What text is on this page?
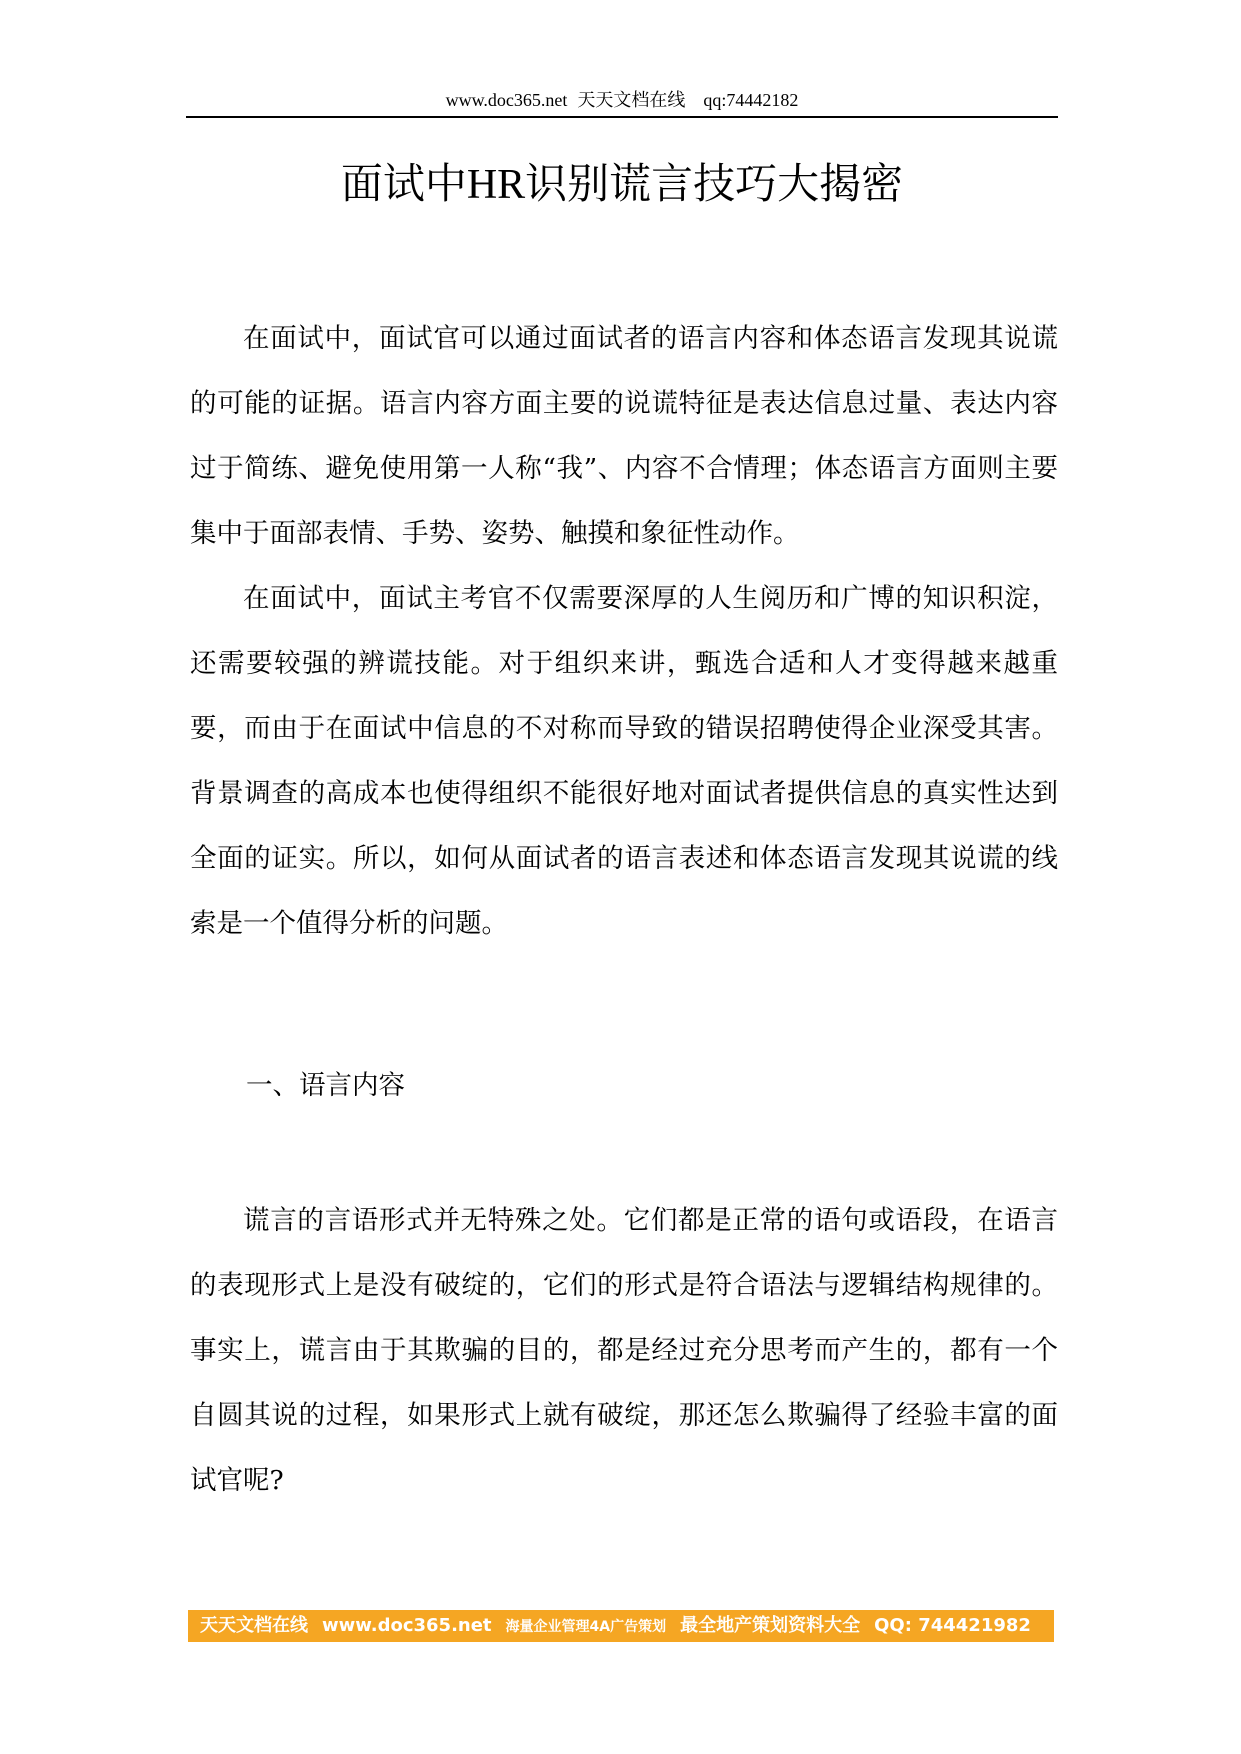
www.doc365.net 天天文档在线 qq:74442182
面试中HR识别谎言技巧大揭密

在面试中，面试官可以通过面试者的语言内容和体态语言发现其说谎的可能的证据。语言内容方面主要的说谎特征是表达信息过量、表达内容过于简练、避免使用第一人称“我”、内容不合情理；体态语言方面则主要集中于面部表情、手势、姿势、触摸和象征性动作。

在面试中，面试主考官不仅需要深厚的人生阅历和广博的知识积淀，还需要较强的辨谎技能。对于组织来讲，甄选合适和人才变得越来越重要，而由于在面试中信息的不对称而导致的错误招聘使得企业深受其害。背景调查的高成本也使得组织不能很好地对面试者提供信息的真实性达到全面的证实。所以，如何从面试者的语言表述和体态语言发现其说谎的线索是一个值得分析的问题。

一、语言内容

谎言的言语形式并无特殊之处。它们都是正常的语句或语段，在语言的表现形式上是没有破绽的，它们的形式是符合语法与逻辑结构规律的。事实上，谎言由于其欺骗的目的，都是经过充分思考而产生的，都有一个自圆其说的过程，如果形式上就有破绽，那还怎么欺骗得了经验丰富的面试官呢?

天天文档在线 www.doc365.net 海量企业管理4A广告策划 最全地产策划资料大全 QQ: 744421982
